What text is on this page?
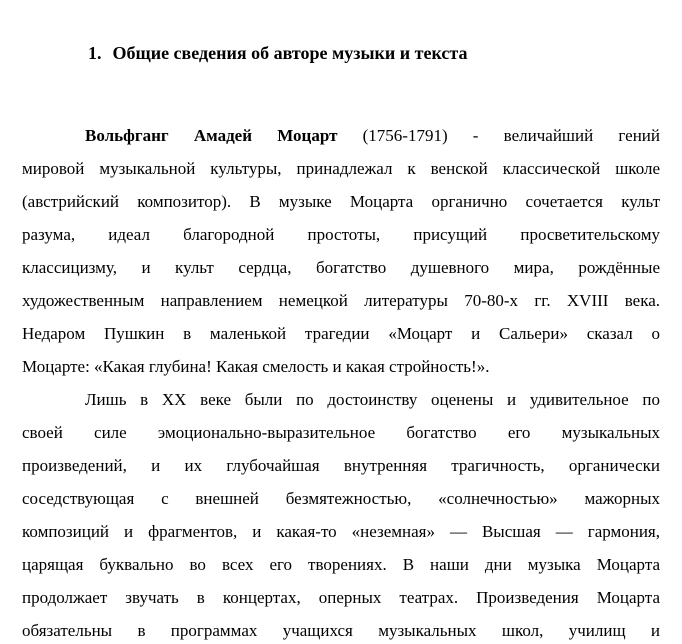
1. Общие сведения об авторе музыки и текста
Вольфганг Амадей Моцарт (1756-1791) - величайший гений
мировой музыкальной культуры, принадлежал к венской классической школе
(австрийский композитор). В музыке Моцарта органично сочетается культ
разума, идеал благородной простоты, присущий просветительскому
классицизму, и культ сердца, богатство душевного мира, рождённые
художественным направлением немецкой литературы 70-80-х гг. XVIII века.
Недаром Пушкин в маленькой трагедии «Моцарт и Сальери» сказал о
Моцарте: «Какая глубина! Какая смелость и какая стройность!».
Лишь в XX веке были по достоинству оценены и удивительное по
своей силе эмоционально-выразительное богатство его музыкальных
произведений, и их глубочайшая внутренняя трагичность, органически
соседствующая с внешней безмятежностью, «солнечностью» мажорных
композиций и фрагментов, и какая-то «неземная» — Высшая — гармония,
царящая буквально во всех его творениях. В наши дни музыка Моцарта
продолжает звучать в концертах, оперных театрах. Произведения Моцарта
обязательны в программах учащихся музыкальных школ, училищ и
